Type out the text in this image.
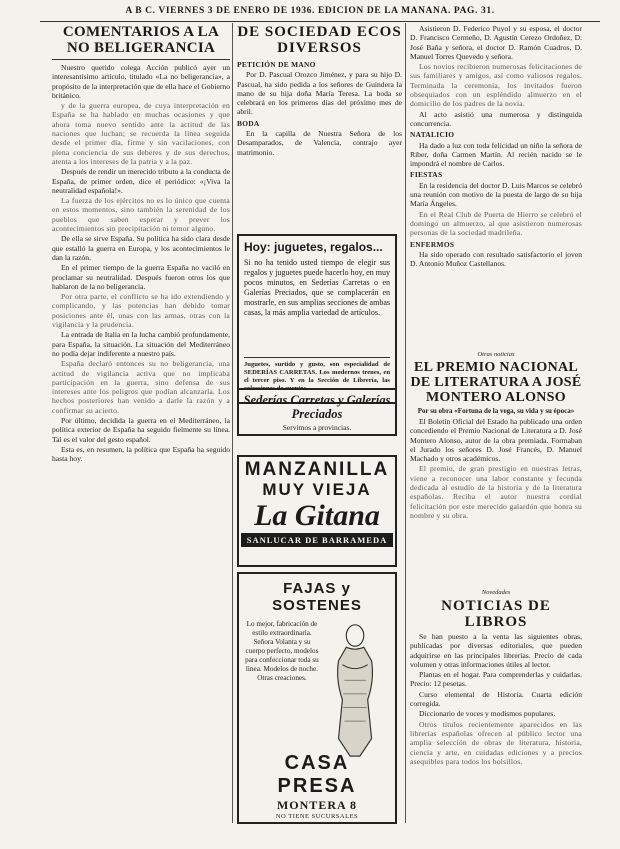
A B C. VIERNES 3 DE ENERO DE 1936. EDICION DE LA MAÑANA. PAG. 31.
COMENTARIOS A LA NO BELIGERANCIA

Nuestro querido colega Acción publicó ayer un interesantísimo artículo, titulado «La no beligerancia», a propósito de la interpretación que de ella hace el Gobierno británico.

y de la guerra europea, de cuya interpretación en España se ha hablado en muchas ocasiones y que ahora toma nuevo sentido ante la actitud de las naciones que luchan; se recuerda la línea seguida desde el primer día, firme y sin vacilaciones, con plena conciencia de sus deberes y de sus derechos, atenta a los intereses de la patria y a la paz.

Después de rendir un merecido tributo a la conducta de España, de primer orden, dice el periódico: «¡Viva la neutralidad española!».

La fuerza de los ejércitos no es lo único que cuenta en estos momentos, sino también la serenidad de los pueblos que saben esperar y prever los acontecimientos sin precipitación ni temor alguno.

De ella se sirve España. Su política ha sido clara desde que estalló la guerra en Europa, y los acontecimientos le dan la razón.

En el primer tiempo de la guerra España no vaciló en proclamar su neutralidad. Después fueron otros los que hablaron de la no beligerancia.

Por otra parte, el conflicto se ha ido extendiendo y complicando, y las potencias han debido tomar posiciones ante él, unas con las armas, otras con la vigilancia y la prudencia.

La entrada de Italia en la lucha cambió profundamente, para España, la situación. La situación del Mediterráneo no podía dejar indiferente a nuestro país.

España declaró entonces su no beligerancia, una actitud de vigilancia activa que no implicaba participación en la guerra, sino defensa de sus intereses ante los peligros que podían alcanzarla. Los hechos posteriores han venido a darle la razón y a confirmar su acierto.

Por último, decidida la guerra en el Mediterráneo, la política exterior de España ha seguido fielmente su línea. Tal es el valor del gesto español.

Esta es, en resumen, la política que España ha seguido hasta hoy.

DE SOCIEDAD ECOS DIVERSOS
PETICIÓN DE MANO

Por D. Pascual Orozco Jiménez, y para su hijo D. Pascual, ha sido pedida a los señores de Guindera la mano de su hija doña María Teresa. La boda se celebrará en los primeros días del próximo mes de abril.

BODA

En la capilla de Nuestra Señora de los Desamparados, de Valencia, contrajo ayer matrimonio.

Hoy: juguetes, regalos...
Si no ha tenido usted tiempo de elegir sus regalos y juguetes puede hacerlo hoy, en muy pocos minutos, en Sederías Carretas o en Galerías Preciados, que se complacerán en mostrarle, en sus amplias secciones de ambas casas, la más amplia variedad de artículos.
Juguetes, surtido y gusto, son especialidad de SEDERÍAS CARRETAS. Los modernos trenes, en el tercer piso. Y en la Sección de Librería, las colecciones de cuentos.
Sederías Carretas y Galerías Preciados
Servimos a provincias.
MANZANILLA
MUY VIEJA
La Gitana
SANLUCAR DE BARRAMEDA
FAJAS y SOSTENES
Lo mejor, fabricación de estilo extraordinaria. Señora Volanta y su cuerpo perfecto, modelos para confeccionar toda su línea. Modelos de noche. Otras creaciones.
CASA PRESA
MONTERA 8
NO TIENE SUCURSALES

Asistieron D. Federico Puyol y su esposa, el doctor D. Francisco Cermeño, D. Agustín Cerezo Ordoñez, D. José Baña y señora, el doctor D. Ramón Cuadros, D. Manuel Torres Quevedo y señora.

Los novios recibieron numerosas felicitaciones de sus familiares y amigos, así como valiosos regalos. Terminada la ceremonia, los invitados fueron obsequiados con un espléndido almuerzo en el domicilio de los padres de la novia.

Al acto asistió una numerosa y distinguida concurrencia.

NATALICIO

Ha dado a luz con toda felicidad un niño la señora de Riber, doña Carmen Martín. Al recién nacido se le impondrá el nombre de Carlos.

FIESTAS

En la residencia del doctor D. Luis Marcos se celebró una reunión con motivo de la puesta de largo de su hija María Ángeles.

En el Real Club de Puerta de Hierro se celebró el domingo un almuerzo, al que asistieron numerosas personas de la sociedad madrileña.

ENFERMOS

Ha sido operado con resultado satisfactorio el joven D. Antonio Muñoz Castellanos.

Otras noticias
EL PREMIO NACIONAL DE LITERATURA A JOSÉ MONTERO ALONSO
Por su obra «Fortuna de la vega, su vida y su época»

El Boletín Oficial del Estado ha publicado una orden concediendo el Premio Nacional de Literatura a D. José Montero Alonso, autor de la obra premiada. Formaban el Jurado los señores D. José Francés, D. Manuel Machado y otros académicos.

El premio, de gran prestigio en nuestras letras, viene a reconocer una labor constante y fecunda dedicada al estudio de la historia y de la literatura españolas. Reciba el autor nuestra cordial felicitación por este merecido galardón que honra su nombre y su obra.

Novedades
NOTICIAS DE LIBROS

Se han puesto a la venta las siguientes obras, publicadas por diversas editoriales, que pueden adquirirse en las principales librerías. Precio de cada volumen y otras informaciones útiles al lector.

Plantas en el hogar. Para comprenderlas y cuidarlas. Precio: 12 pesetas.

Curso elemental de Historia. Cuarta edición corregida.

Diccionario de voces y modismos populares.

Otros títulos recientemente aparecidos en las librerías españolas ofrecen al público lector una amplia selección de obras de literatura, historia, ciencia y arte, en cuidadas ediciones y a precios asequibles para todos los bolsillos.
